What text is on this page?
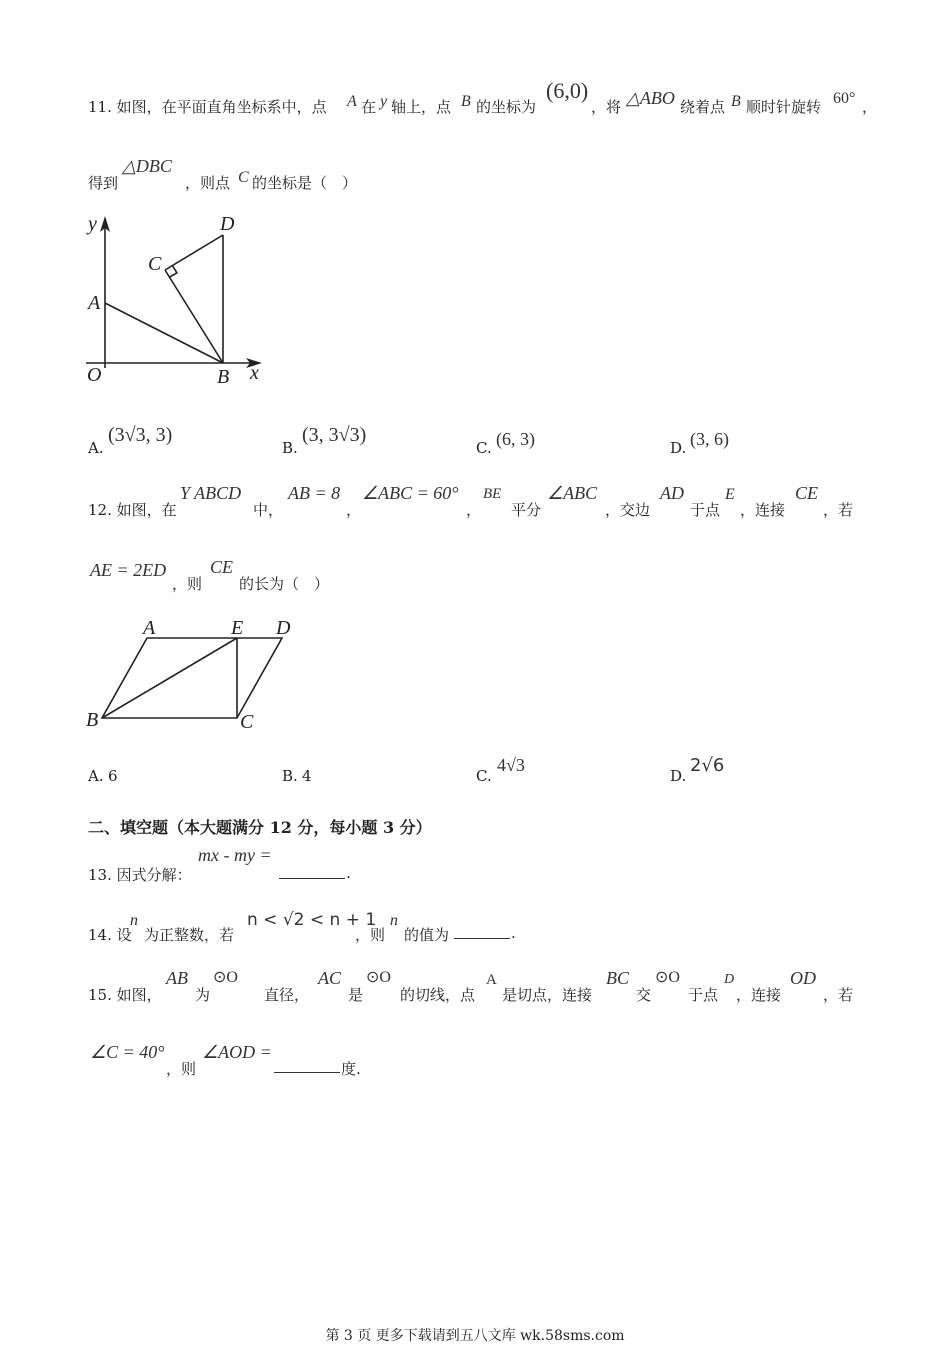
11. 如图，在平面直角坐标系中，点 A 在 y 轴上，点 B 的坐标为
(6,0)
，将 △ABO 绕着点 B 顺时针旋转 60° ，
得到
△DBC
，则点 C 的坐标是（　）
y	D
C
A
O	B x
A.
(3√3, 3)
B.
(3, 3√3)
C. (6, 3)	D. (3, 6)
12. 如图，在
Y ABCD
中，
AB = 8
，
∠ABC = 60°
，
BE
平分
∠ABC
，交边
AD
于点
E
，连接
CE
，若
AE = 2ED
，则
CE
的长为（　）
A	E D
B	C
A. 6	B. 4	C.
4√3
D. 2√6
二、填空题（本大题满分 12 分，每小题 3 分）
13. 因式分解：
mx - my =
.
14. 设
n
为正整数，若
n < √2 < n + 1
，则
n
的值为	.
15. 如图，
AB
为
⊙O
直径，
AC
是
⊙O
的切线，点
A
是切点，连接
BC
交
⊙O
于点
D
，连接
OD
，若
∠C = 40°
，则
∠AOD =
度.
第 3 页 更多下载请到五八文库 wk.58sms.com
